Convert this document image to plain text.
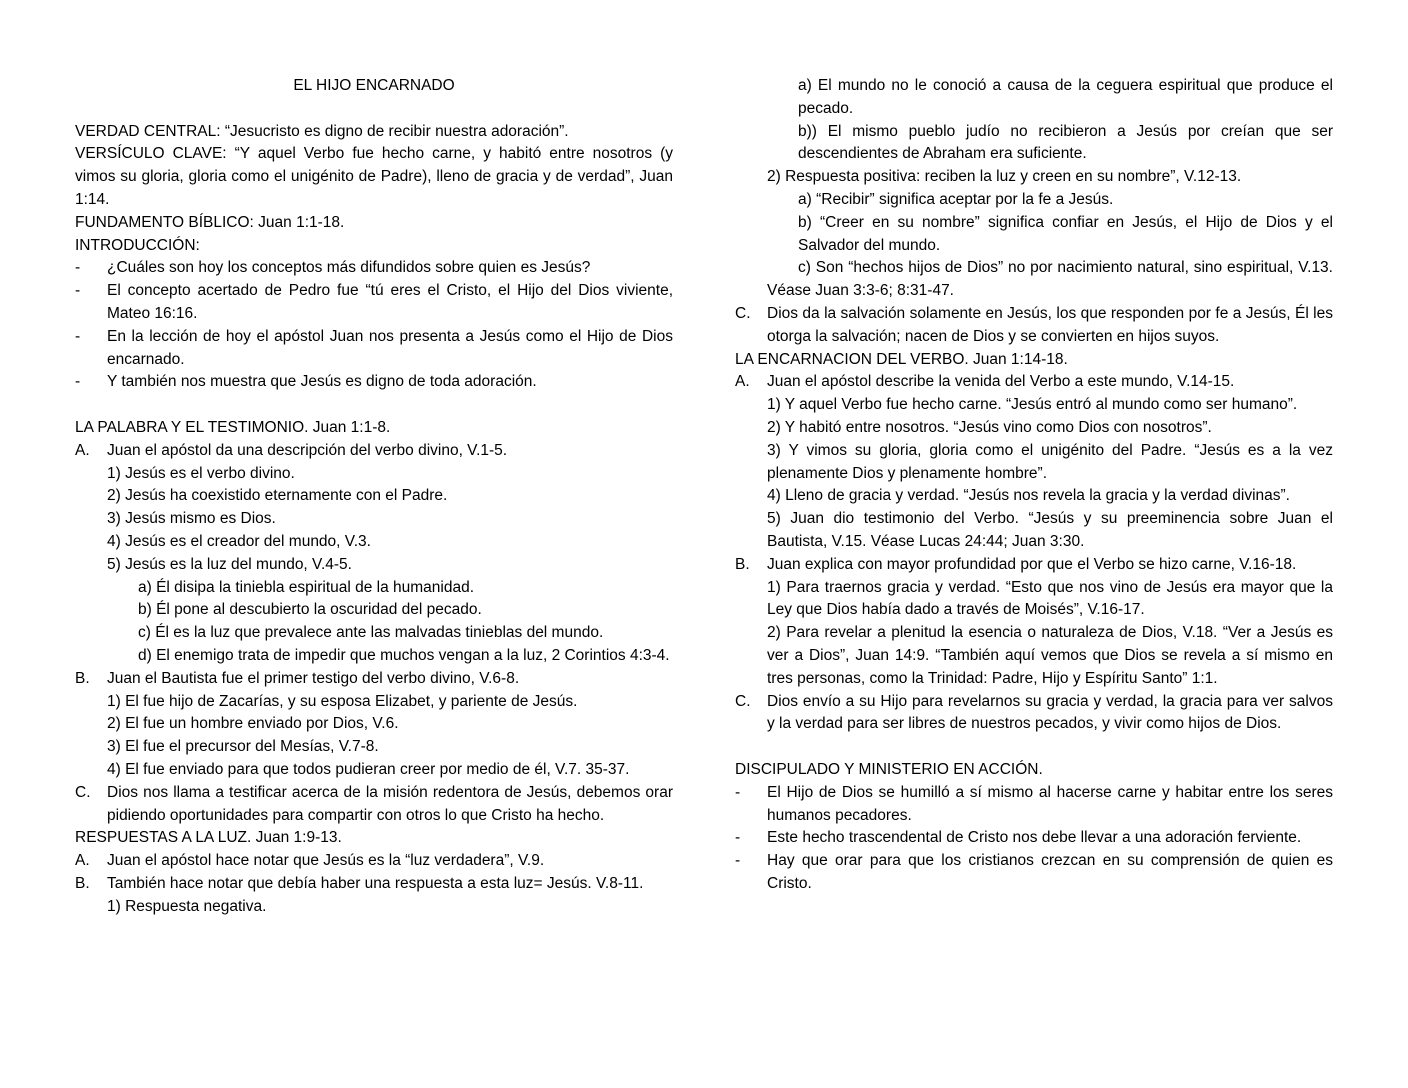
EL HIJO ENCARNADO

VERDAD CENTRAL: “Jesucristo es digno de recibir nuestra adoración”.
VERSÍCULO CLAVE: “Y aquel Verbo fue hecho carne, y habitó entre nosotros (y vimos su gloria, gloria como el unigénito de Padre), lleno de gracia y de verdad”, Juan 1:14.
FUNDAMENTO BÍBLICO: Juan 1:1-18.
INTRODUCCIÓN:
- ¿Cuáles son hoy los conceptos más difundidos sobre quien es Jesús?
- El concepto acertado de Pedro fue “tú eres el Cristo, el Hijo del Dios viviente, Mateo 16:16.
- En la lección de hoy el apóstol Juan nos presenta a Jesús como el Hijo de Dios encarnado.
- Y también nos muestra que Jesús es digno de toda adoración.
LA PALABRA Y EL TESTIMONIO. Juan 1:1-8.
A. Juan el apóstol da una descripción del verbo divino, V.1-5.
1) Jesús es el verbo divino.
2) Jesús ha coexistido eternamente con el Padre.
3) Jesús mismo es Dios.
4) Jesús es el creador del mundo, V.3.
5) Jesús es la luz del mundo, V.4-5.
a) Él disipa la tiniebla espiritual de la humanidad.
b) Él pone al descubierto la oscuridad del pecado.
c) Él es la luz que prevalece ante las malvadas tinieblas del mundo.
d) El enemigo trata de impedir que muchos vengan a la luz, 2 Corintios 4:3-4.
B. Juan el Bautista fue el primer testigo del verbo divino, V.6-8.
1) El fue hijo de Zacarías, y su esposa Elizabet, y pariente de Jesús.
2) El fue un hombre enviado por Dios, V.6.
3) El fue el precursor del Mesías, V.7-8.
4) El fue enviado para que todos pudieran creer por medio de él, V.7. 35-37.
C. Dios nos llama a testificar acerca de la misión redentora de Jesús, debemos orar pidiendo oportunidades para compartir con otros lo que Cristo ha hecho.
RESPUESTAS A LA LUZ. Juan 1:9-13.
A. Juan el apóstol hace notar que Jesús es la “luz verdadera”, V.9.
B. También hace notar que debía haber una respuesta a esta luz= Jesús. V.8-11.
1) Respuesta negativa.
a) El mundo no le conoció a causa de la ceguera espiritual que produce el pecado.
b)) El mismo pueblo judío no recibieron a Jesús por creían que ser descendientes de Abraham era suficiente.
2) Respuesta positiva: reciben la luz y creen en su nombre”, V.12-13.
a) “Recibir” significa aceptar por la fe a Jesús.
b) “Creer en su nombre” significa confiar en Jesús, el Hijo de Dios y el Salvador del mundo.
c) Son “hechos hijos de Dios” no por nacimiento natural, sino espiritual, V.13. Véase Juan 3:3-6; 8:31-47.
C. Dios da la salvación solamente en Jesús, los que responden por fe a Jesús, Él les otorga la salvación; nacen de Dios y se convierten en hijos suyos.
LA ENCARNACION DEL VERBO. Juan 1:14-18.
A. Juan el apóstol describe la venida del Verbo a este mundo, V.14-15.
1) Y aquel Verbo fue hecho carne. “Jesús entró al mundo como ser humano”.
2) Y habitó entre nosotros. “Jesús vino como Dios con nosotros”.
3) Y vimos su gloria, gloria como el unigénito del Padre. “Jesús es a la vez plenamente Dios y plenamente hombre”.
4) Lleno de gracia y verdad. “Jesús nos revela la gracia y la verdad divinas”.
5) Juan dio testimonio del Verbo. “Jesús y su preeminencia sobre Juan el Bautista, V.15. Véase Lucas 24:44; Juan 3:30.
B. Juan explica con mayor profundidad por que el Verbo se hizo carne, V.16-18.
1) Para traernos gracia y verdad. “Esto que nos vino de Jesús era mayor que la Ley que Dios había dado a través de Moisés”, V.16-17.
2) Para revelar a plenitud la esencia o naturaleza de Dios, V.18. “Ver a Jesús es ver a Dios”, Juan 14:9. “También aquí vemos que Dios se revela a sí mismo en tres personas, como la Trinidad: Padre, Hijo y Espíritu Santo” 1:1.
C. Dios envío a su Hijo para revelarnos su gracia y verdad, la gracia para ver salvos y la verdad para ser libres de nuestros pecados, y vivir como hijos de Dios.
DISCIPULADO Y MINISTERIO EN ACCIÓN.
- El Hijo de Dios se humilló a sí mismo al hacerse carne y habitar entre los seres humanos pecadores.
- Este hecho trascendental de Cristo nos debe llevar a una adoración ferviente.
- Hay que orar para que los cristianos crezcan en su comprensión de quien es Cristo.
